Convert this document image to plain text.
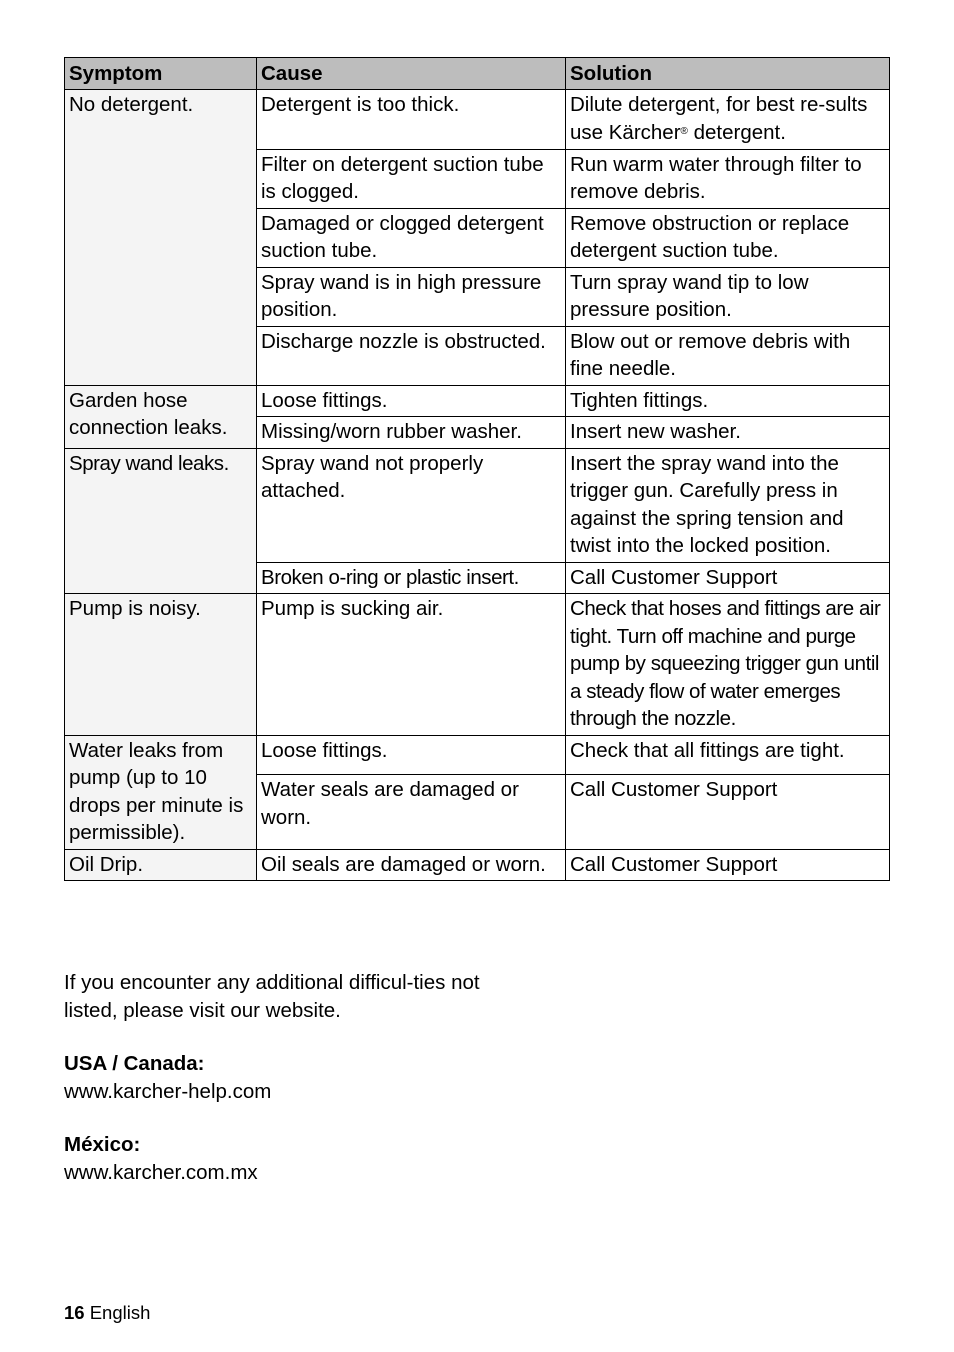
Symptom	Cause	Solution
No detergent.	Detergent is too thick.	Dilute detergent, for best re-sults use Kärcher® detergent.
	Filter on detergent suction tube is clogged.	Run warm water through filter to remove debris.
	Damaged or clogged detergent suction tube.	Remove obstruction or replace detergent suction tube.
	Spray wand is in high pressure position.	Turn spray wand tip to low pressure position.
	Discharge nozzle is obstructed.	Blow out or remove debris with fine needle.
Garden hose connection leaks.	Loose fittings.	Tighten fittings.
	Missing/worn rubber washer.	Insert new washer.
Spray wand leaks.	Spray wand not properly attached.	Insert the spray wand into the trigger gun. Carefully press in against the spring tension and twist into the locked position.
	Broken o-ring or plastic insert.	Call Customer Support
Pump is noisy.	Pump is sucking air.	Check that hoses and fittings are air tight. Turn off machine and purge pump by squeezing trigger gun until a steady flow of water emerges through the nozzle.
Water leaks from pump (up to 10 drops per minute is permissible).	Loose fittings.	Check that all fittings are tight.
	Water seals are damaged or worn.	Call Customer Support
Oil Drip.	Oil seals are damaged or worn.	Call Customer Support

If you encounter any additional difficul-ties not listed, please visit our website.

USA / Canada:
www.karcher-help.com
México:
www.karcher.com.mx
16 English
